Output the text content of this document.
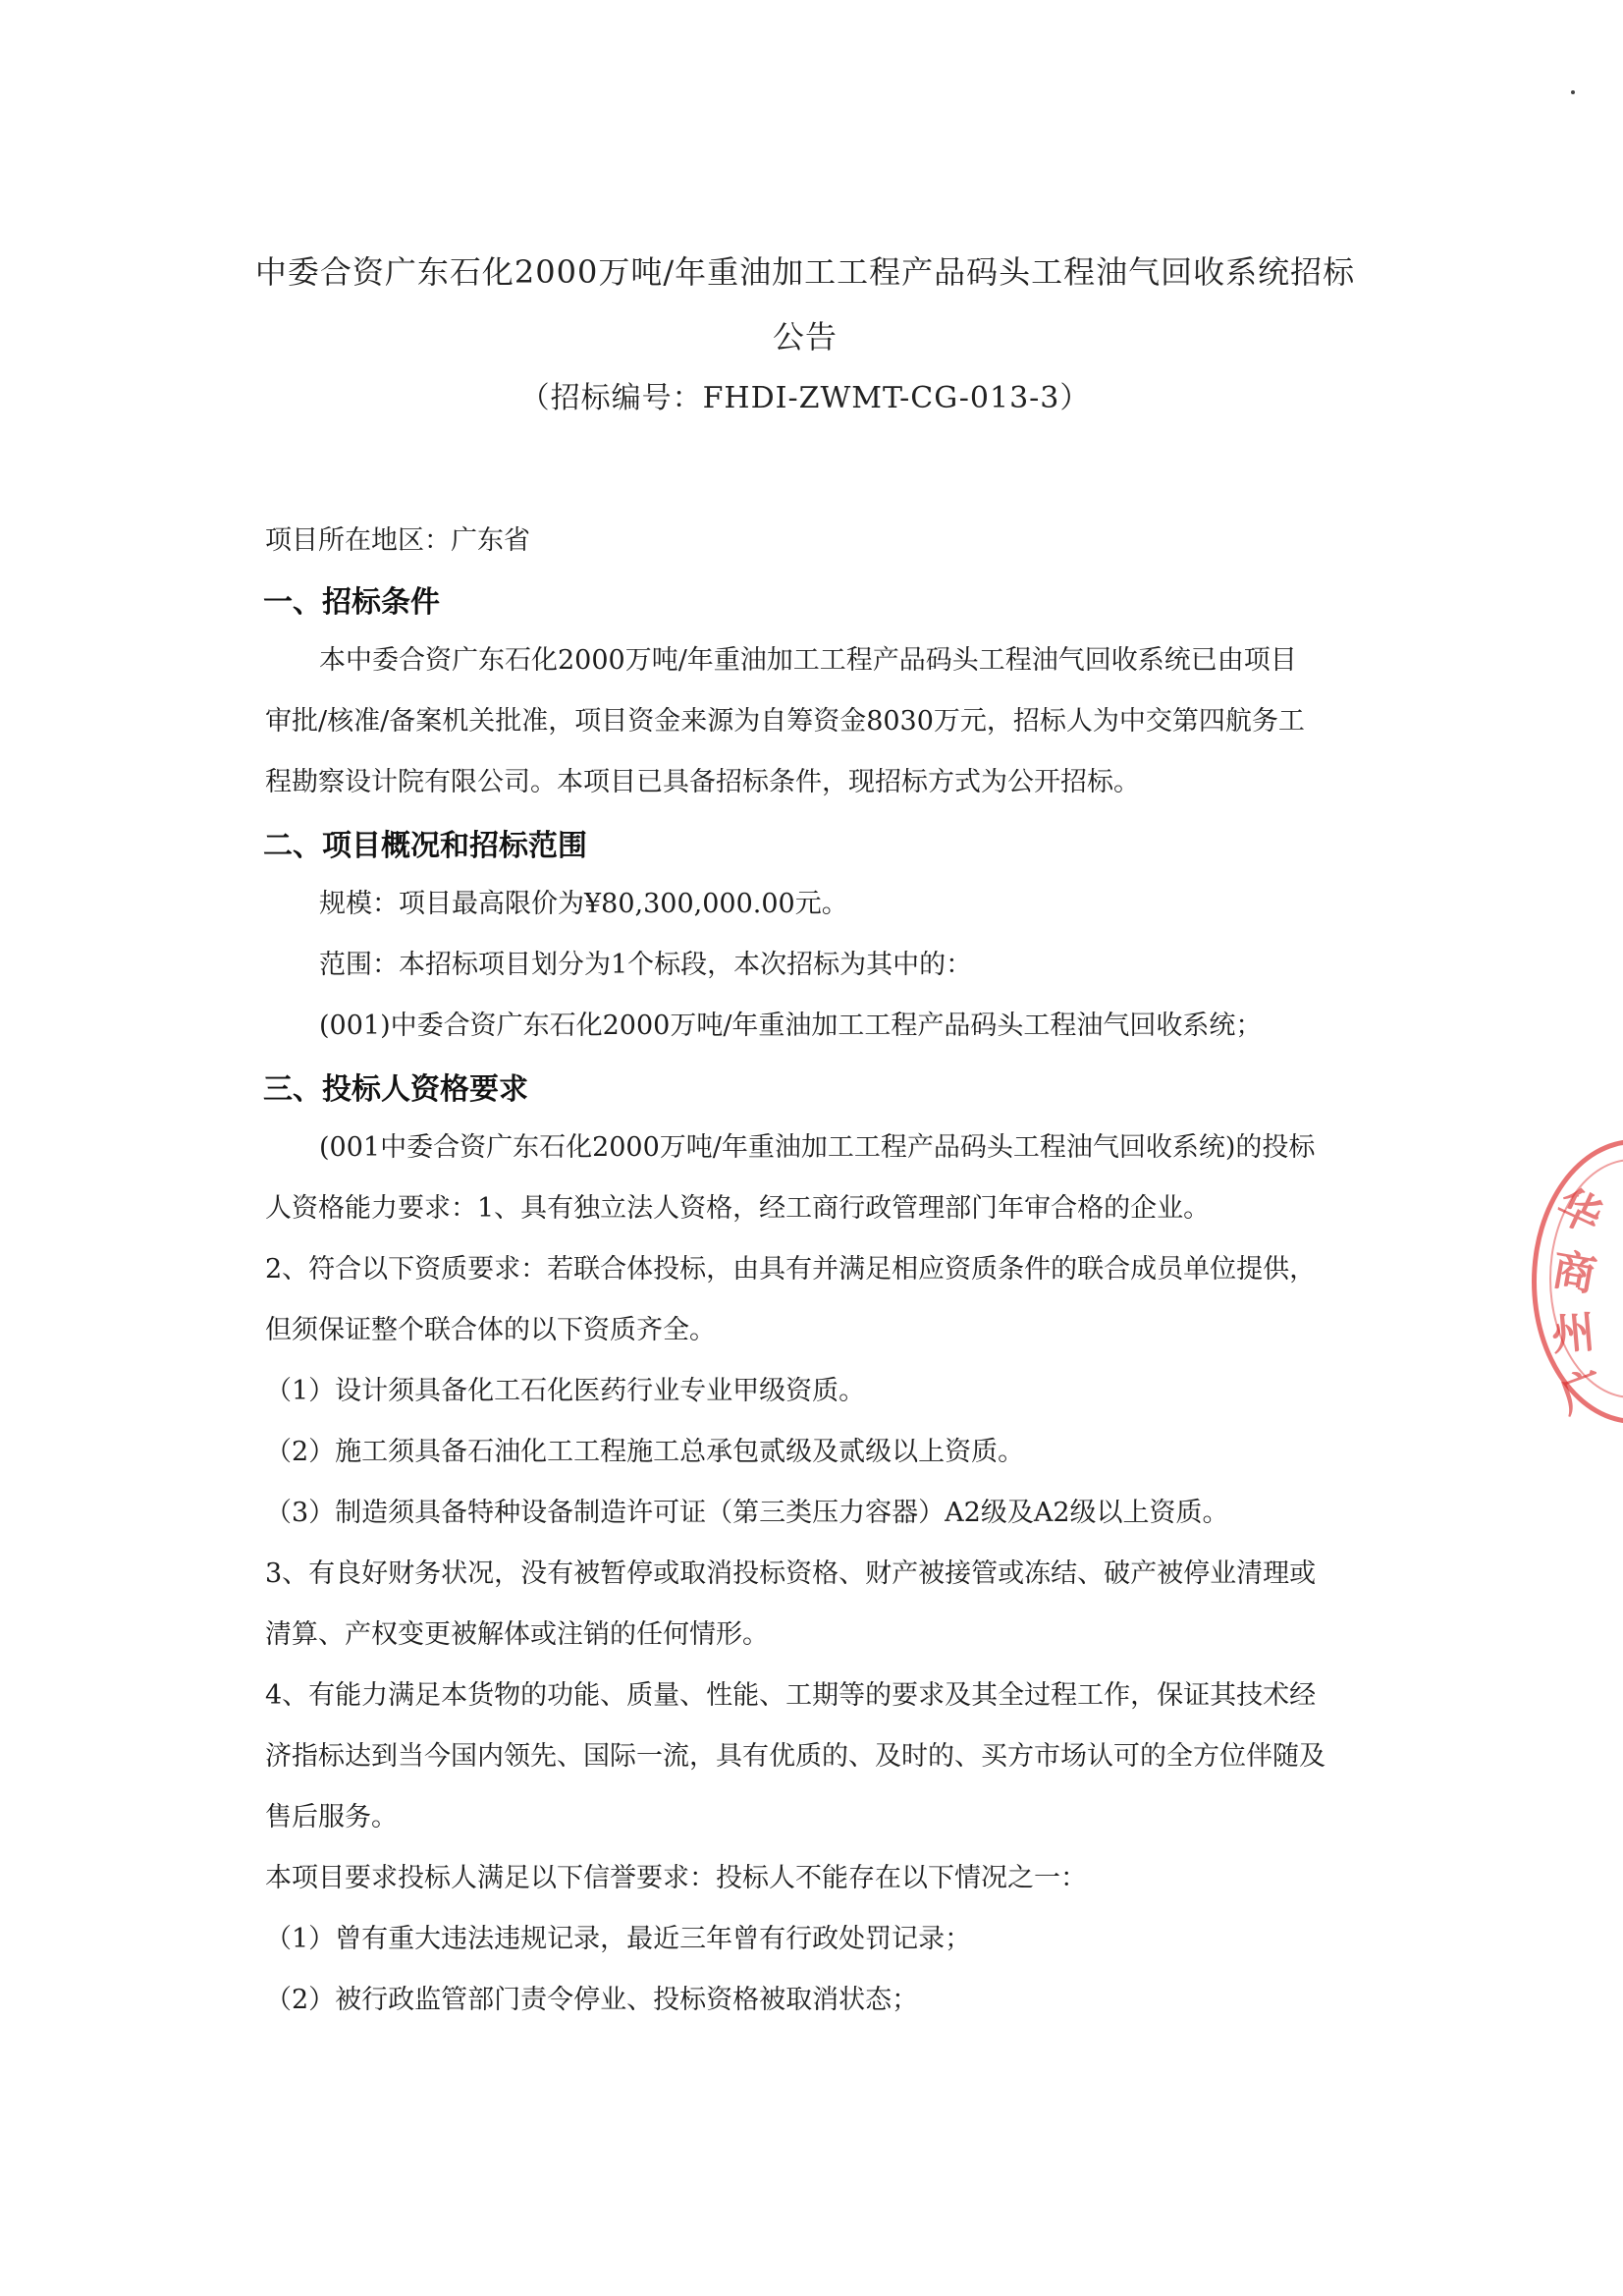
中委合资广东石化2000万吨/年重油加工工程产品码头工程油气回收系统招标
公告
（招标编号：FHDI-ZWMT-CG-013-3）
项目所在地区：广东省
一、招标条件
本中委合资广东石化2000万吨/年重油加工工程产品码头工程油气回收系统已由项目
审批/核准/备案机关批准，项目资金来源为自筹资金8030万元，招标人为中交第四航务工
程勘察设计院有限公司。本项目已具备招标条件，现招标方式为公开招标。
二、项目概况和招标范围
规模：项目最高限价为¥80,300,000.00元。
范围：本招标项目划分为1个标段，本次招标为其中的：
(001)中委合资广东石化2000万吨/年重油加工工程产品码头工程油气回收系统；
三、投标人资格要求
(001中委合资广东石化2000万吨/年重油加工工程产品码头工程油气回收系统)的投标
人资格能力要求：1、具有独立法人资格，经工商行政管理部门年审合格的企业。
2、符合以下资质要求：若联合体投标，由具有并满足相应资质条件的联合成员单位提供，
但须保证整个联合体的以下资质齐全。
（1）设计须具备化工石化医药行业专业甲级资质。
（2）施工须具备石油化工工程施工总承包贰级及贰级以上资质。
（3）制造须具备特种设备制造许可证（第三类压力容器）A2级及A2级以上资质。
3、有良好财务状况，没有被暂停或取消投标资格、财产被接管或冻结、破产被停业清理或
清算、产权变更被解体或注销的任何情形。
4、有能力满足本货物的功能、质量、性能、工期等的要求及其全过程工作，保证其技术经
济指标达到当今国内领先、国际一流，具有优质的、及时的、买方市场认可的全方位伴随及
售后服务。
本项目要求投标人满足以下信誉要求：投标人不能存在以下情况之一：
（1）曾有重大违法违规记录，最近三年曾有行政处罚记录；
（2）被行政监管部门责令停业、投标资格被取消状态；
华
商
州
广
